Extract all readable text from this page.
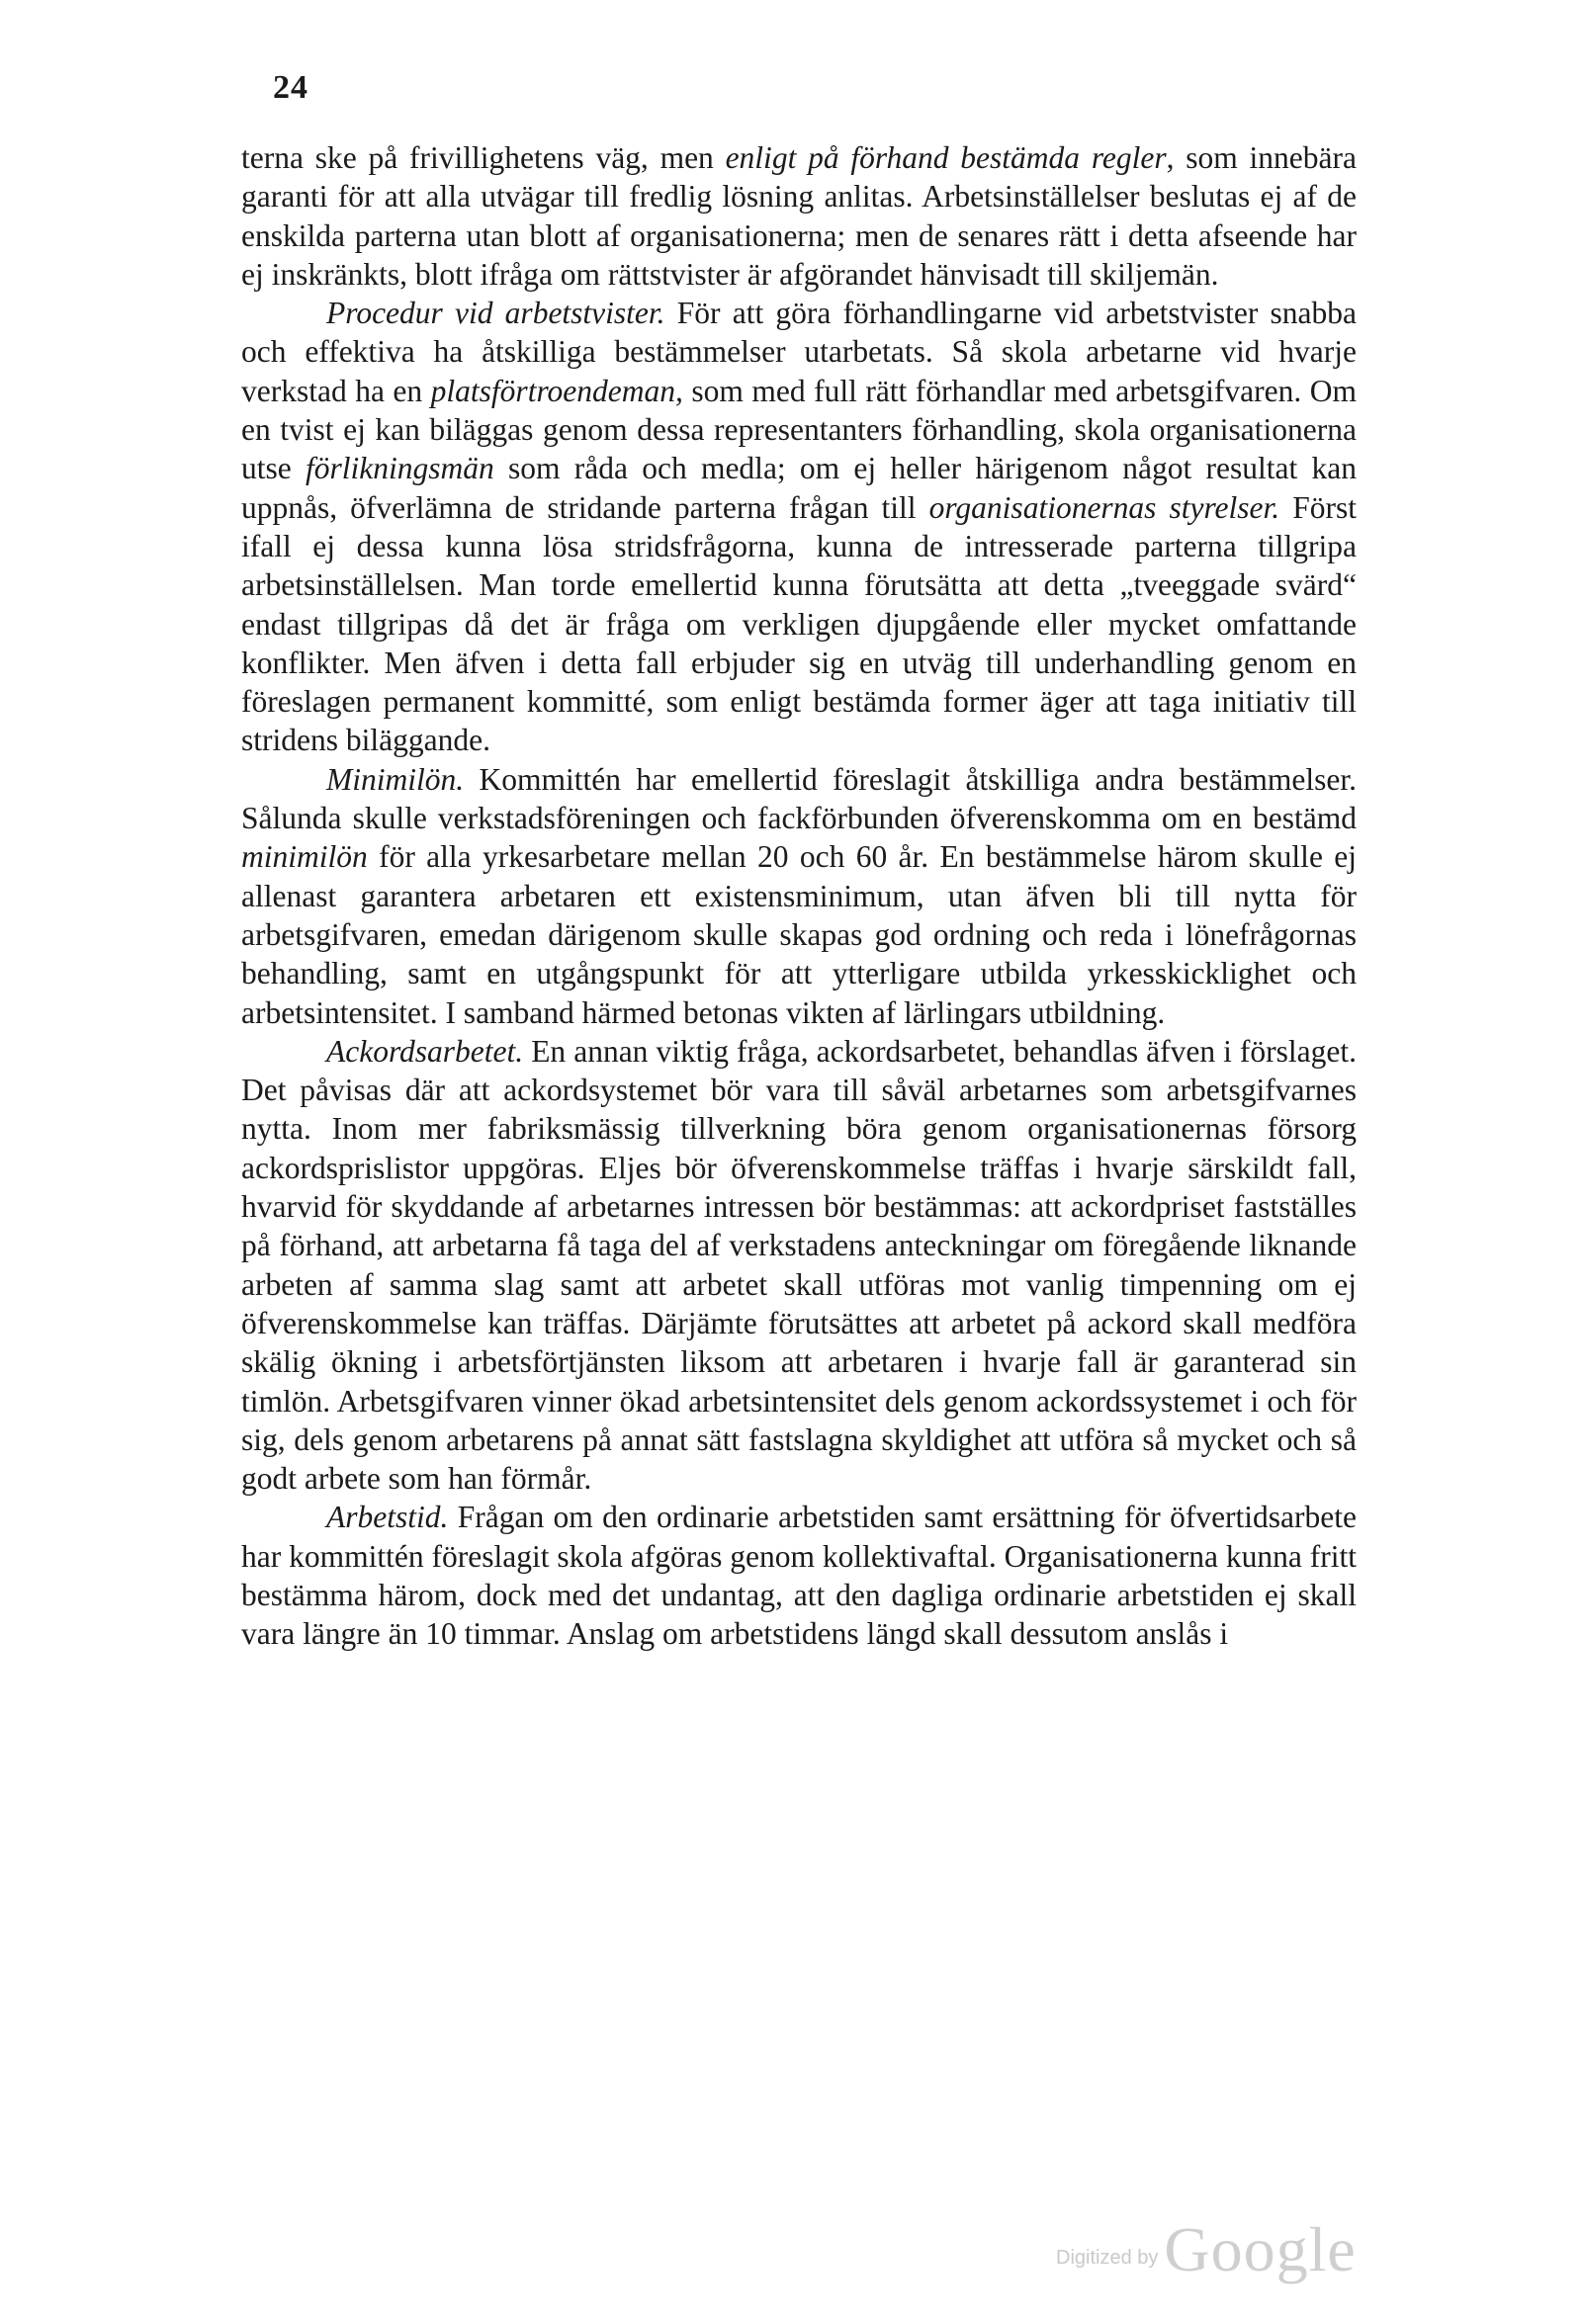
24

terna ske på frivillighetens väg, men enligt på förhand bestämda regler, som innebära garanti för att alla utvägar till fredlig lösning anlitas. Arbetsinställelser beslutas ej af de enskilda parterna utan blott af organisationerna; men de senares rätt i detta afseende har ej inskränkts, blott ifråga om rättstvister är afgörandet hänvisadt till skiljemän.

Procedur vid arbetstvister. För att göra förhandlingarne vid arbetstvister snabba och effektiva ha åtskilliga bestämmelser utarbetats. Så skola arbetarne vid hvarje verkstad ha en platsförtroendeman, som med full rätt förhandlar med arbetsgifvaren. Om en tvist ej kan biläggas genom dessa representanters förhandling, skola organisationerna utse förlikningsmän som råda och medla; om ej heller härigenom något resultat kan uppnås, öfverlämna de stridande parterna frågan till organisationernas styrelser. Först ifall ej dessa kunna lösa stridsfrågorna, kunna de intresserade parterna tillgripa arbetsinställelsen. Man torde emellertid kunna förutsätta att detta „tveeggade svärd“ endast tillgripas då det är fråga om verkligen djupgående eller mycket omfattande konflikter. Men äfven i detta fall erbjuder sig en utväg till underhandling genom en föreslagen permanent kommitté, som enligt bestämda former äger att taga initiativ till stridens biläggande.

Minimilön. Kommittén har emellertid föreslagit åtskilliga andra bestämmelser. Sålunda skulle verkstadsföreningen och fackförbunden öfverenskomma om en bestämd minimilön för alla yrkesarbetare mellan 20 och 60 år. En bestämmelse härom skulle ej allenast garantera arbetaren ett existensminimum, utan äfven bli till nytta för arbetsgifvaren, emedan därigenom skulle skapas god ordning och reda i lönefrågornas behandling, samt en utgångspunkt för att ytterligare utbilda yrkesskicklighet och arbetsintensitet. I samband härmed betonas vikten af lärlingars utbildning.

Ackordsarbetet. En annan viktig fråga, ackordsarbetet, behandlas äfven i förslaget. Det påvisas där att ackordsystemet bör vara till såväl arbetarnes som arbetsgifvarnes nytta. Inom mer fabriksmässig tillverkning böra genom organisationernas försorg ackordsprislistor uppgöras. Eljes bör öfverenskommelse träffas i hvarje särskildt fall, hvarvid för skyddande af arbetarnes intressen bör bestämmas: att ackordpriset fastställes på förhand, att arbetarna få taga del af verkstadens anteckningar om föregående liknande arbeten af samma slag samt att arbetet skall utföras mot vanlig timpenning om ej öfverenskommelse kan träffas. Därjämte förutsättes att arbetet på ackord skall medföra skälig ökning i arbetsförtjänsten liksom att arbetaren i hvarje fall är garanterad sin timlön. Arbetsgifvaren vinner ökad arbetsintensitet dels genom ackordssystemet i och för sig, dels genom arbetarens på annat sätt fastslagna skyldighet att utföra så mycket och så godt arbete som han förmår.

Arbetstid. Frågan om den ordinarie arbetstiden samt ersättning för öfvertidsarbete har kommittén föreslagit skola afgöras genom kollektivaftal. Organisationerna kunna fritt bestämma härom, dock med det undantag, att den dagliga ordinarie arbetstiden ej skall vara längre än 10 timmar. Anslag om arbetstidens längd skall dessutom anslås i

Digitized by Google
